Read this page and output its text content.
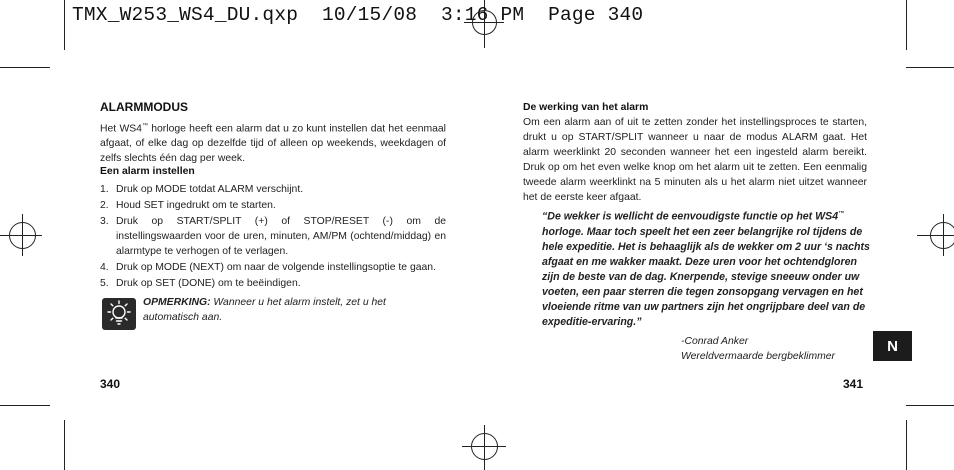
TMX_W253_WS4_DU.qxp  10/15/08  3:16 PM  Page 340
ALARMMODUS

Het WS4™ horloge heeft een alarm dat u zo kunt instellen dat het eenmaal afgaat, of elke dag op dezelfde tijd of alleen op weekends, weekdagen of zelfs slechts één dag per week.

Een alarm instellen
1. Druk op MODE totdat ALARM verschijnt.
2. Houd SET ingedrukt om te starten.
3. Druk op START/SPLIT (+) of STOP/RESET (-) om de instellingswaarden voor de uren, minuten, AM/PM (ochtend/middag) en alarmtype te verhogen of te verlagen.
4. Druk op MODE (NEXT) om naar de volgende instellingsoptie te gaan.
5. Druk op SET (DONE) om te beëindigen.
OPMERKING: Wanneer u het alarm instelt, zet u het automatisch aan.
340
De werking van het alarm

Om een alarm aan of uit te zetten zonder het instellingsproces te starten, drukt u op START/SPLIT wanneer u naar de modus ALARM gaat. Het alarm weerklinkt 20 seconden wanneer het een ingesteld alarm bereikt. Druk op om het even welke knop om het alarm uit te zetten. Een eenmalig tweede alarm weerklinkt na 5 minuten als u het alarm niet uitzet wanneer het de eerste keer afgaat.

“De wekker is wellicht de eenvoudigste functie op het WS4™ horloge. Maar toch speelt het een zeer belangrijke rol tijdens de hele expeditie. Het is behaaglijk als de wekker om 2 uur ‘s nachts afgaat en me wakker maakt. Deze uren voor het ochtendgloren zijn de beste van de dag. Knerpende, stevige sneeuw onder uw voeten, een paar sterren die tegen zonsopgang vervagen en het vloeiende ritme van uw partners zijn het ongrijpbare deel van de expeditie-ervaring.”

-Conrad Anker
Wereldvermaarde bergbeklimmer
341
N
